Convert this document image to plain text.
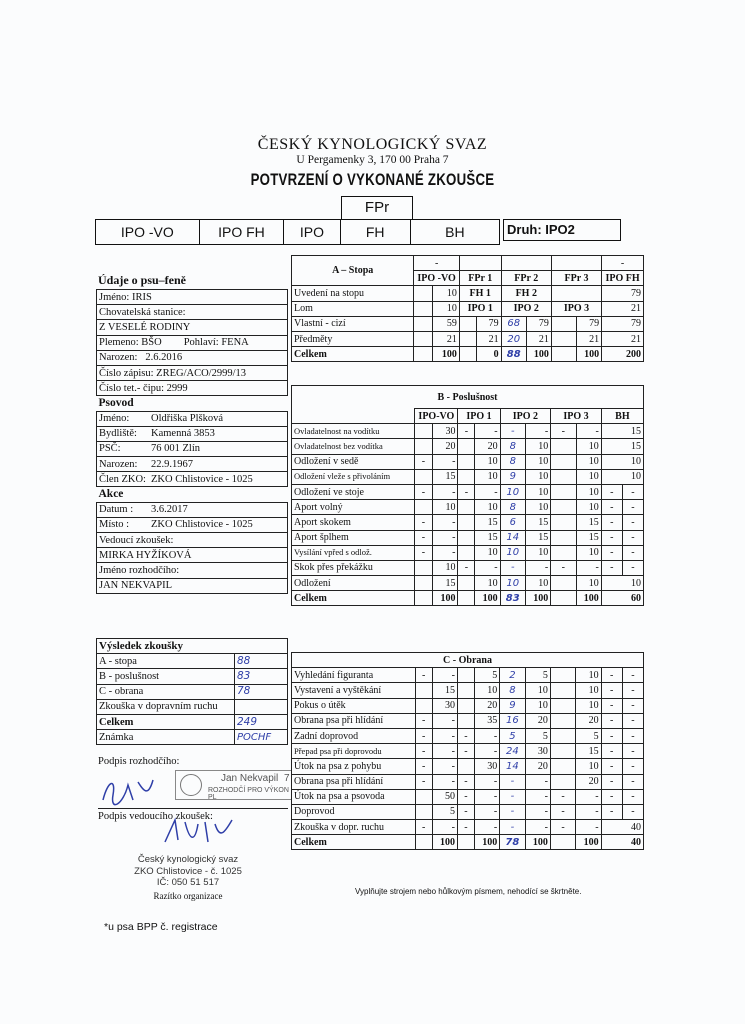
ČESKÝ KYNOLOGICKÝ SVAZ
U Pergamenky 3, 170 00 Praha 7
POTVRZENÍ O VYKONANÉ ZKOUŠCE
FPr
IPO -VO	IPO FH	IPO	FH	BH	Druh: IPO2
Údaje o psu–feně
Jméno: IRIS
Chovatelská stanice:
Z VESELÉ RODINY
Plemeno: BŠO Pohlaví: FENA
Narozen: 2.6.2016
Číslo zápisu: ZREG/ACO/2999/13
Číslo tet.- čipu: 2999
Psovod
Jméno: Oldřiška Plšková
Bydliště: Kamenná 3853
PSČ:	76 001 Zlín
Narozen: 22.9.1967
Člen ZKO: ZKO Chlistovice - 1025
Akce
Datum : 3.6.2017
Místo : ZKO Chlistovice - 1025
Vedoucí zkoušek:
MIRKA HYŽÍKOVÁ
Jméno rozhodčího:
JAN NEKVAPIL
Výsledek zkoušky	
A - stopa	88
B - poslušnost	83
C - obrana	78
Zkouška v dopravním ruchu	
Celkem	249
Známka	POCHF
Podpis rozhodčího:
Jan Nekvapil 7
ROZHODČÍ PRO VÝKON PL
Podpis vedoucího zkoušek:
Český kynologický svaz
ZKO Chlistovice - č. 1025
IČ: 050 51 517
Razítko organizace
A – Stopa	-								-
	IPO -VO		FPr 1		FPr 2		FPr 3		IPO FH
Uvedení na stopu		10	FH 1		FH 2				79
Lom		10	IPO 1		IPO 2		IPO 3		21
Vlastní - cizí		59		79	68	79		79	79
Předměty		21		21	20	21		21	21
Celkem		100		0	88	100		100	200
B - Poslušnost										
	IPO-VO		IPO 1		IPO 2		IPO 3		BH	
Ovladatelnost na vodítku		30	-	-	-	-	-	-	15	
Ovladatelnost bez vodítka		20		20	8	10		10	15	
Odložení v sedě	-	-		10	8	10		10	10	
Odložení vleže s přivoláním		15		10	9	10		10	10	
Odložení ve stoje	-	-	-	-	10	10		10	-	-
Aport volný		10		10	8	10		10	-	-
Aport skokem	-	-		15	6	15		15	-	-
Aport šplhem	-	-		15	14	15		15	-	-
Vysílání vpřed s odlož.	-	-		10	10	10		10	-	-
Skok přes překážku		10	-	-	-	-	-	-	-	-
Odložení		15		10	10	10		10	10	
Celkem		100		100	83	100		100	60	
C - Obrana										
Vyhledání figuranta	-	-		5	2	5		10	-	-
Vystavení a vyštěkání		15		10	8	10		10	-	-
Pokus o útěk		30		20	9	10		10	-	-
Obrana psa při hlídání	-	-		35	16	20		20	-	-
Zadní doprovod	-	-	-	-	5	5		5	-	-
Přepad psa při doprovodu	-	-	-	-	24	30		15	-	-
Útok na psa z pohybu	-	-		30	14	20		10	-	-
Obrana psa při hlídání	-	-	-	-	-	-		20	-	-
Útok na psa a psovoda		50	-	-	-	-	-	-	-	-
Doprovod		5	-	-	-	-	-	-	-	-
Zkouška v dopr. ruchu	-	-	-	-	-	-	-	-	40	
Celkem		100		100	78	100		100	40	
Vyplňujte strojem nebo hůlkovým písmem, nehodící se škrtněte.
*u psa BPP č. registrace
